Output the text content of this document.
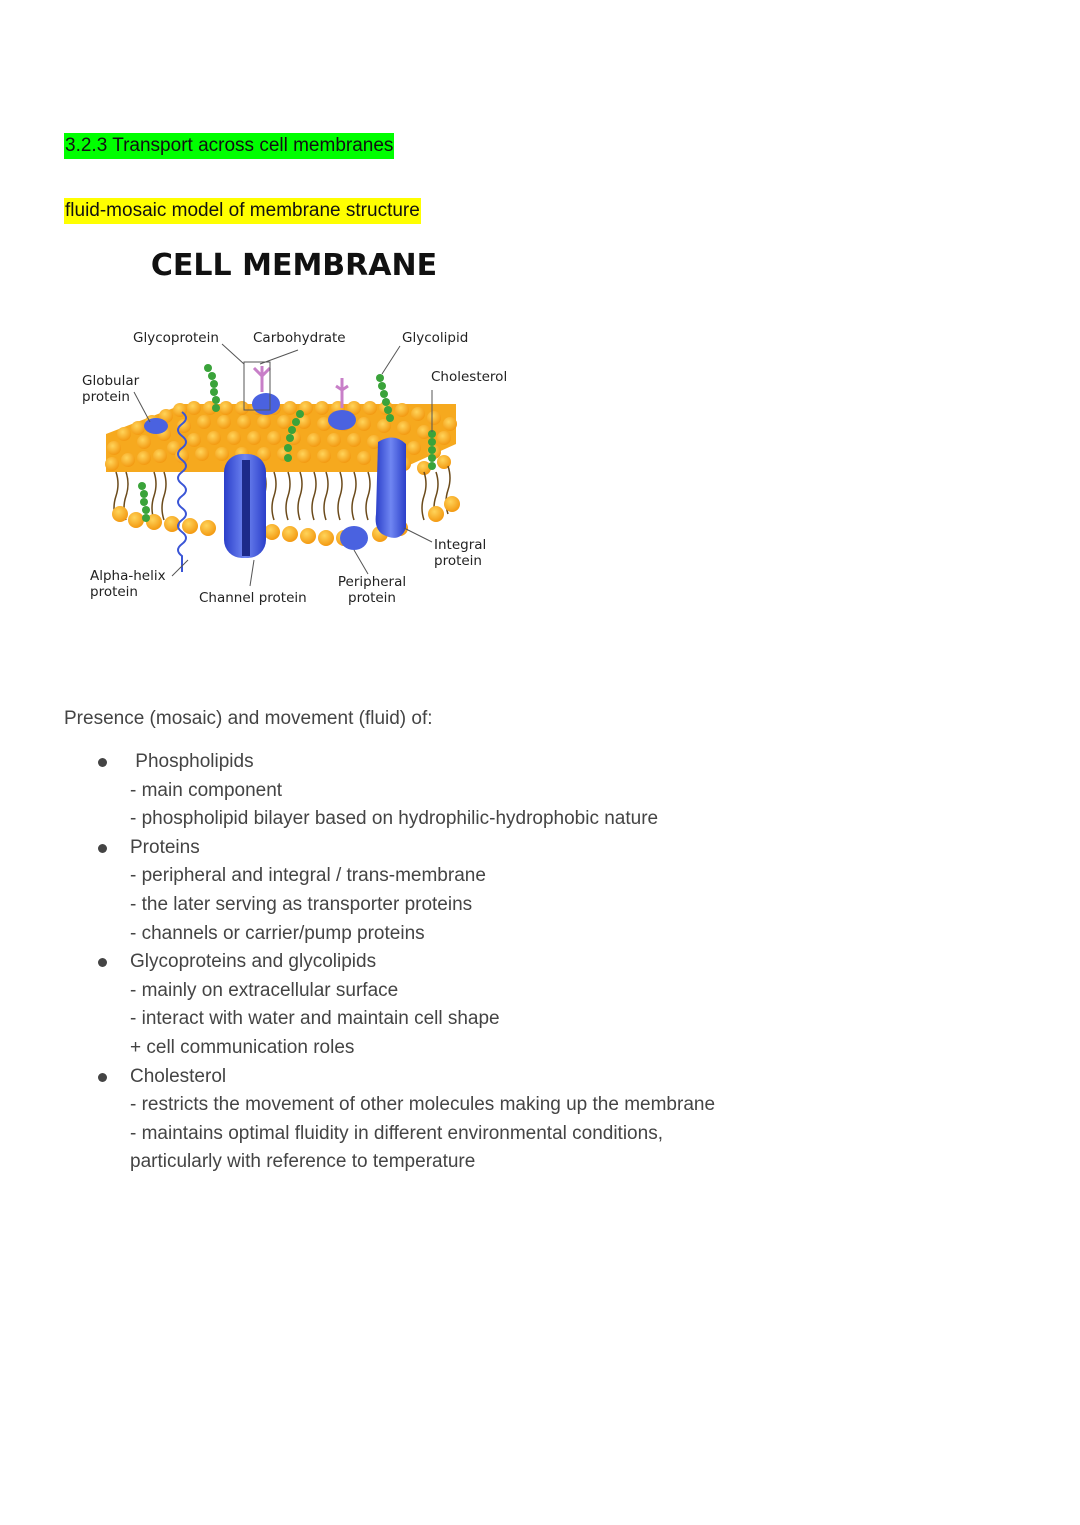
3.2.3 Transport across cell membranes
fluid-mosaic model of membrane structure
CELL MEMBRANE
Glycoprotein	Carbohydrate	Glycolipid
Globular
protein
Cholesterol
Integral
protein
Alpha-helix
protein	Channel protein
Peripheral
protein
Presence (mosaic) and movement (fluid) of:
Phospholipids
- main component
- phospholipid bilayer based on hydrophilic-hydrophobic nature
Proteins
- peripheral and integral / trans-membrane
- the later serving as transporter proteins
- channels or carrier/pump proteins
Glycoproteins and glycolipids
- mainly on extracellular surface
- interact with water and maintain cell shape
+ cell communication roles
Cholesterol
- restricts the movement of other molecules making up the membrane
- maintains optimal fluidity in different environmental conditions,
particularly with reference to temperature
